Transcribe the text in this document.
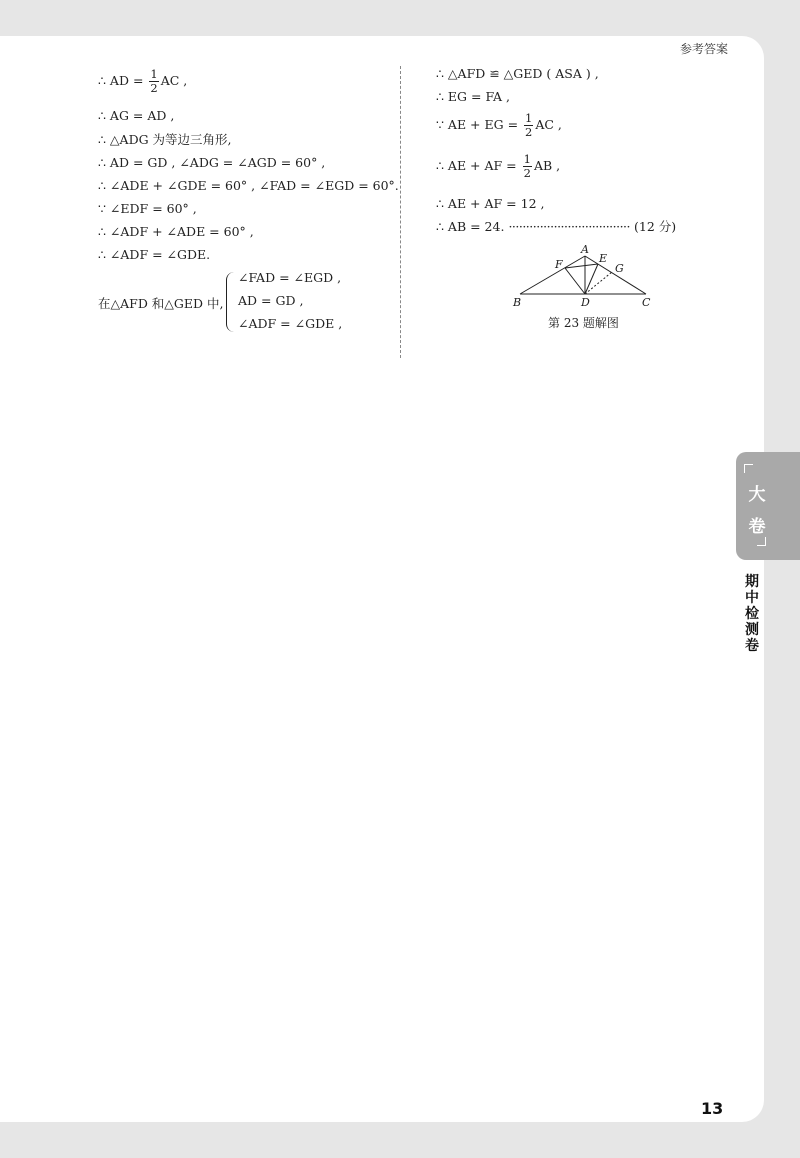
参考答案
∴ AD = $\frac{1}{2}$ AC ,
∴ AG = AD ,
∴ △ADG 为等边三角形,
∴ AD = GD , ∠ADG = ∠AGD = 60° ,
∴ ∠ADE + ∠GDE = 60° , ∠FAD = ∠EGD = 60°.
∵ ∠EDF = 60° ,
∴ ∠ADF + ∠ADE = 60° ,
∴ ∠ADF = ∠GDE.
在△AFD 和△GED 中,
∠FAD = ∠EGD ,
AD = GD ,
∠ADF = ∠GDE ,
∴ △AFD ≌ △GED ( ASA ) ,
∴ EG = FA ,
∵ AE + EG = $\frac{1}{2}$ AC ,
∴ AE + AF = $\frac{1}{2}$ AB ,
∴ AE + AF = 12 ,
∴ AB = 24. ··································· (12 分)
A
B	C
D
E
F	G
第 23 题解图
13
大
卷
期中检测卷
